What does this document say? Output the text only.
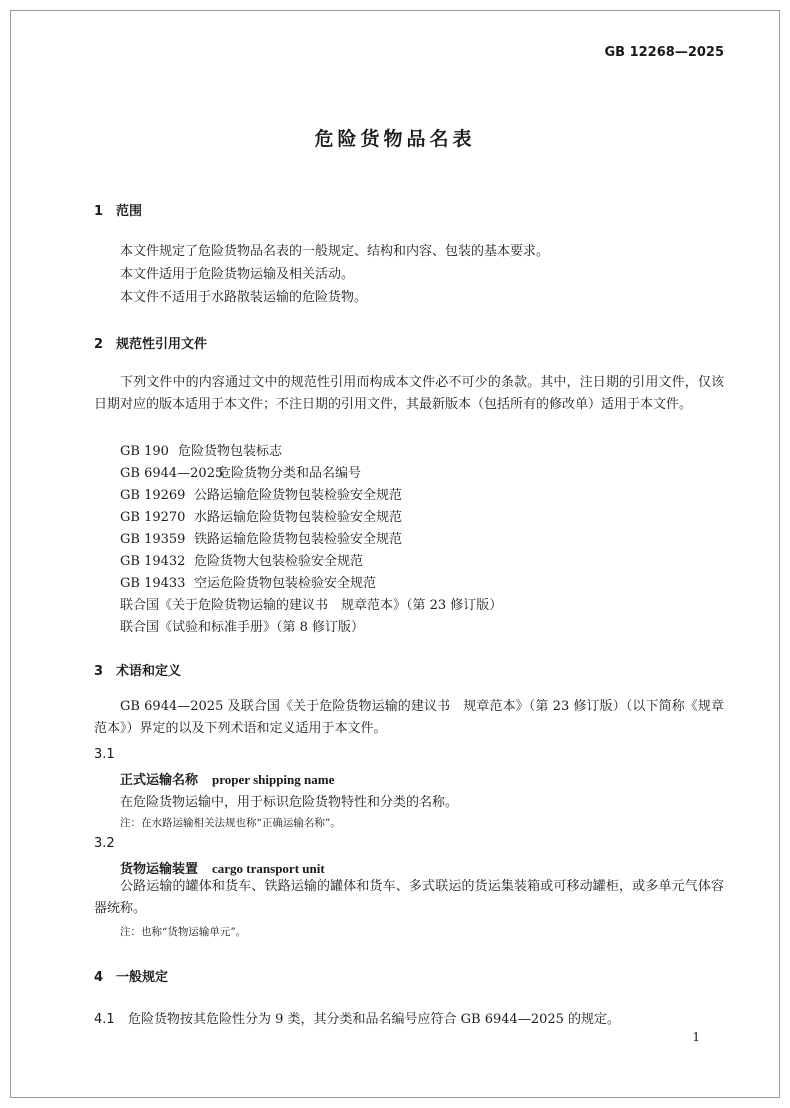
GB 12268—2025
危险货物品名表
1 范围
本文件规定了危险货物品名表的一般规定、结构和内容、包装的基本要求。
本文件适用于危险货物运输及相关活动。
本文件不适用于水路散装运输的危险货物。
2 规范性引用文件
下列文件中的内容通过文中的规范性引用而构成本文件必不可少的条款。其中，注日期的引用文件，仅该日期对应的版本适用于本文件；不注日期的引用文件，其最新版本（包括所有的修改单）适用于本文件。
GB 190 危险货物包装标志
GB 6944—2025危险货物分类和品名编号
GB 19269 公路运输危险货物包装检验安全规范
GB 19270 水路运输危险货物包装检验安全规范
GB 19359 铁路运输危险货物包装检验安全规范
GB 19432 危险货物大包装检验安全规范
GB 19433 空运危险货物包装检验安全规范
联合国《关于危险货物运输的建议书　规章范本》（第 23 修订版）
联合国《试验和标准手册》（第 8 修订版）
3 术语和定义
GB 6944—2025 及联合国《关于危险货物运输的建议书　规章范本》（第 23 修订版）（以下简称《规章范本》）界定的以及下列术语和定义适用于本文件。
3.1
正式运输名称 proper shipping name
在危险货物运输中，用于标识危险货物特性和分类的名称。
注：在水路运输相关法规也称“正确运输名称”。
3.2
货物运输装置 cargo transport unit
公路运输的罐体和货车、铁路运输的罐体和货车、多式联运的货运集装箱或可移动罐柜，或多单元气体容器统称。
注：也称“货物运输单元”。
4 一般规定
4.1 危险货物按其危险性分为 9 类，其分类和品名编号应符合 GB 6944—2025 的规定。
1
